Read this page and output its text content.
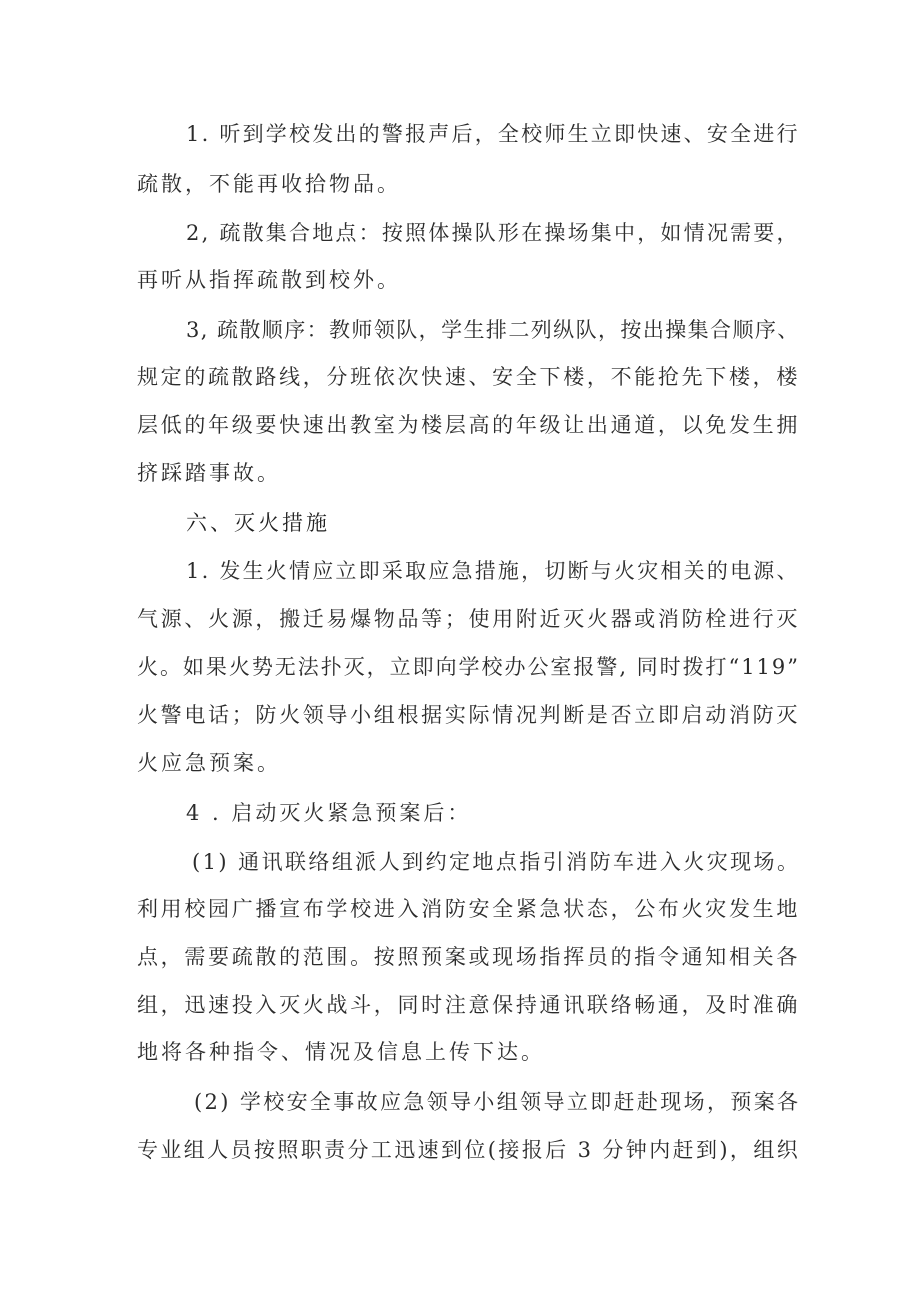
1. 听到学校发出的警报声后，全校师生立即快速、安全进行
疏散，不能再收拾物品。
2, 疏散集合地点：按照体操队形在操场集中，如情况需要，
再听从指挥疏散到校外。
3, 疏散顺序：教师领队，学生排二列纵队，按出操集合顺序、
规定的疏散路线，分班依次快速、安全下楼，不能抢先下楼，楼
层低的年级要快速出教室为楼层高的年级让出通道，以免发生拥
挤踩踏事故。
六、灭火措施
1. 发生火情应立即采取应急措施，切断与火灾相关的电源、
气源、火源，搬迁易爆物品等；使用附近灭火器或消防栓进行灭
火。如果火势无法扑灭，立即向学校办公室报警, 同时拨打“119”
火警电话；防火领导小组根据实际情况判断是否立即启动消防灭
火应急预案。
4 . 启动灭火紧急预案后：
(1) 通讯联络组派人到约定地点指引消防车进入火灾现场。
利用校园广播宣布学校进入消防安全紧急状态，公布火灾发生地
点，需要疏散的范围。按照预案或现场指挥员的指令通知相关各
组，迅速投入灭火战斗，同时注意保持通讯联络畅通，及时准确
地将各种指令、情况及信息上传下达。
(2) 学校安全事故应急领导小组领导立即赶赴现场，预案各
专业组人员按照职责分工迅速到位(接报后 3 分钟内赶到)，组织
